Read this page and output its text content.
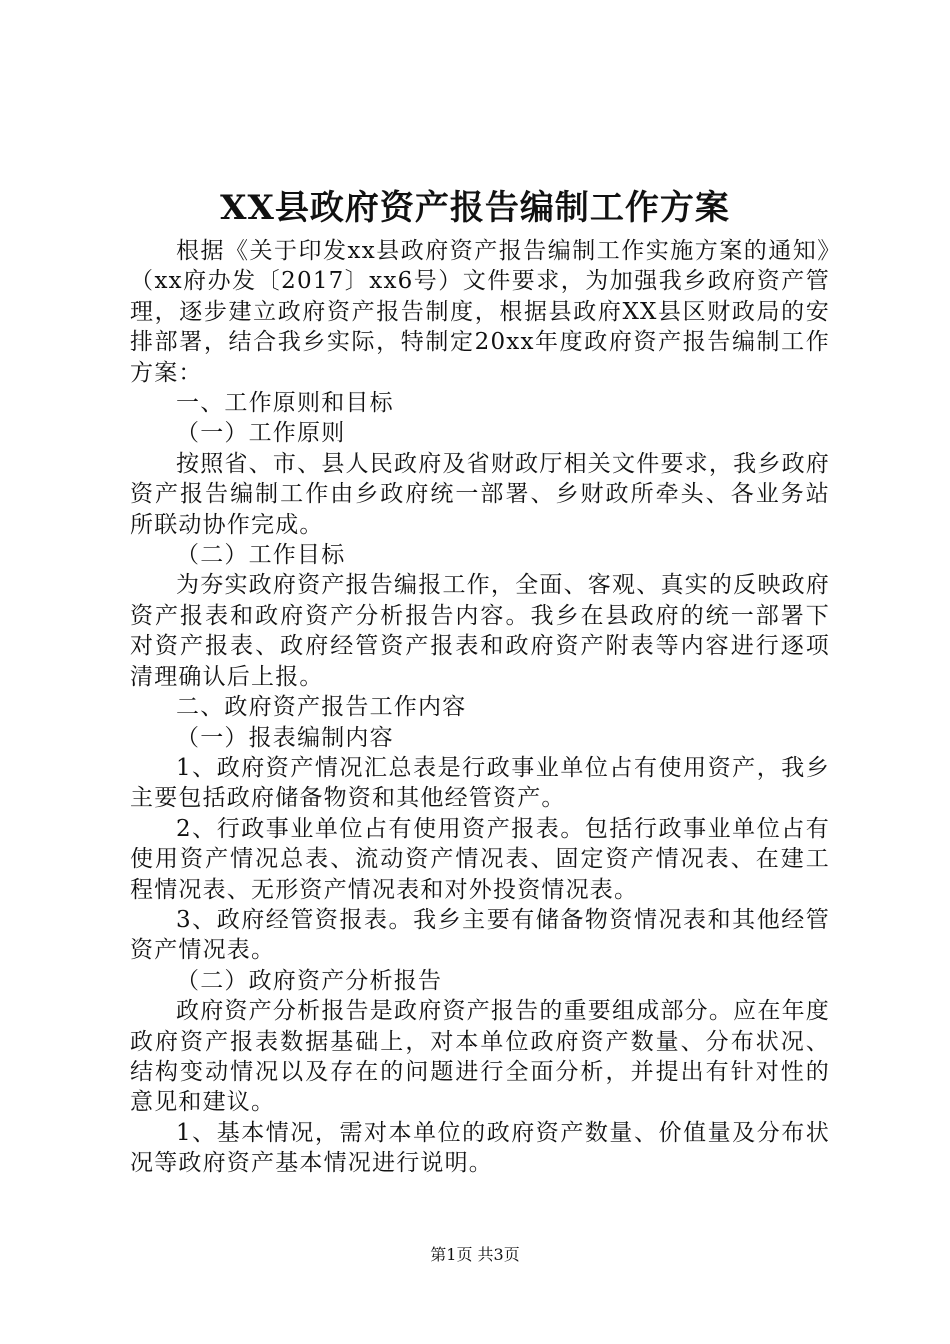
XX县政府资产报告编制工作方案

根据《关于印发xx县政府资产报告编制工作实施方案的通知》（xx府办发〔2017〕xx6号）文件要求，为加强我乡政府资产管理，逐步建立政府资产报告制度，根据县政府XX县区财政局的安排部署，结合我乡实际，特制定20xx年度政府资产报告编制工作方案：

一、工作原则和目标

（一）工作原则

按照省、市、县人民政府及省财政厅相关文件要求，我乡政府资产报告编制工作由乡政府统一部署、乡财政所牵头、各业务站所联动协作完成。

（二）工作目标

为夯实政府资产报告编报工作，全面、客观、真实的反映政府资产报表和政府资产分析报告内容。我乡在县政府的统一部署下对资产报表、政府经管资产报表和政府资产附表等内容进行逐项清理确认后上报。

二、政府资产报告工作内容

（一）报表编制内容

1、政府资产情况汇总表是行政事业单位占有使用资产，我乡主要包括政府储备物资和其他经管资产。

2、行政事业单位占有使用资产报表。包括行政事业单位占有使用资产情况总表、流动资产情况表、固定资产情况表、在建工程情况表、无形资产情况表和对外投资情况表。

3、政府经管资报表。我乡主要有储备物资情况表和其他经管资产情况表。

（二）政府资产分析报告

政府资产分析报告是政府资产报告的重要组成部分。应在年度政府资产报表数据基础上，对本单位政府资产数量、分布状况、结构变动情况以及存在的问题进行全面分析，并提出有针对性的意见和建议。

1、基本情况，需对本单位的政府资产数量、价值量及分布状况等政府资产基本情况进行说明。

第1页 共3页
